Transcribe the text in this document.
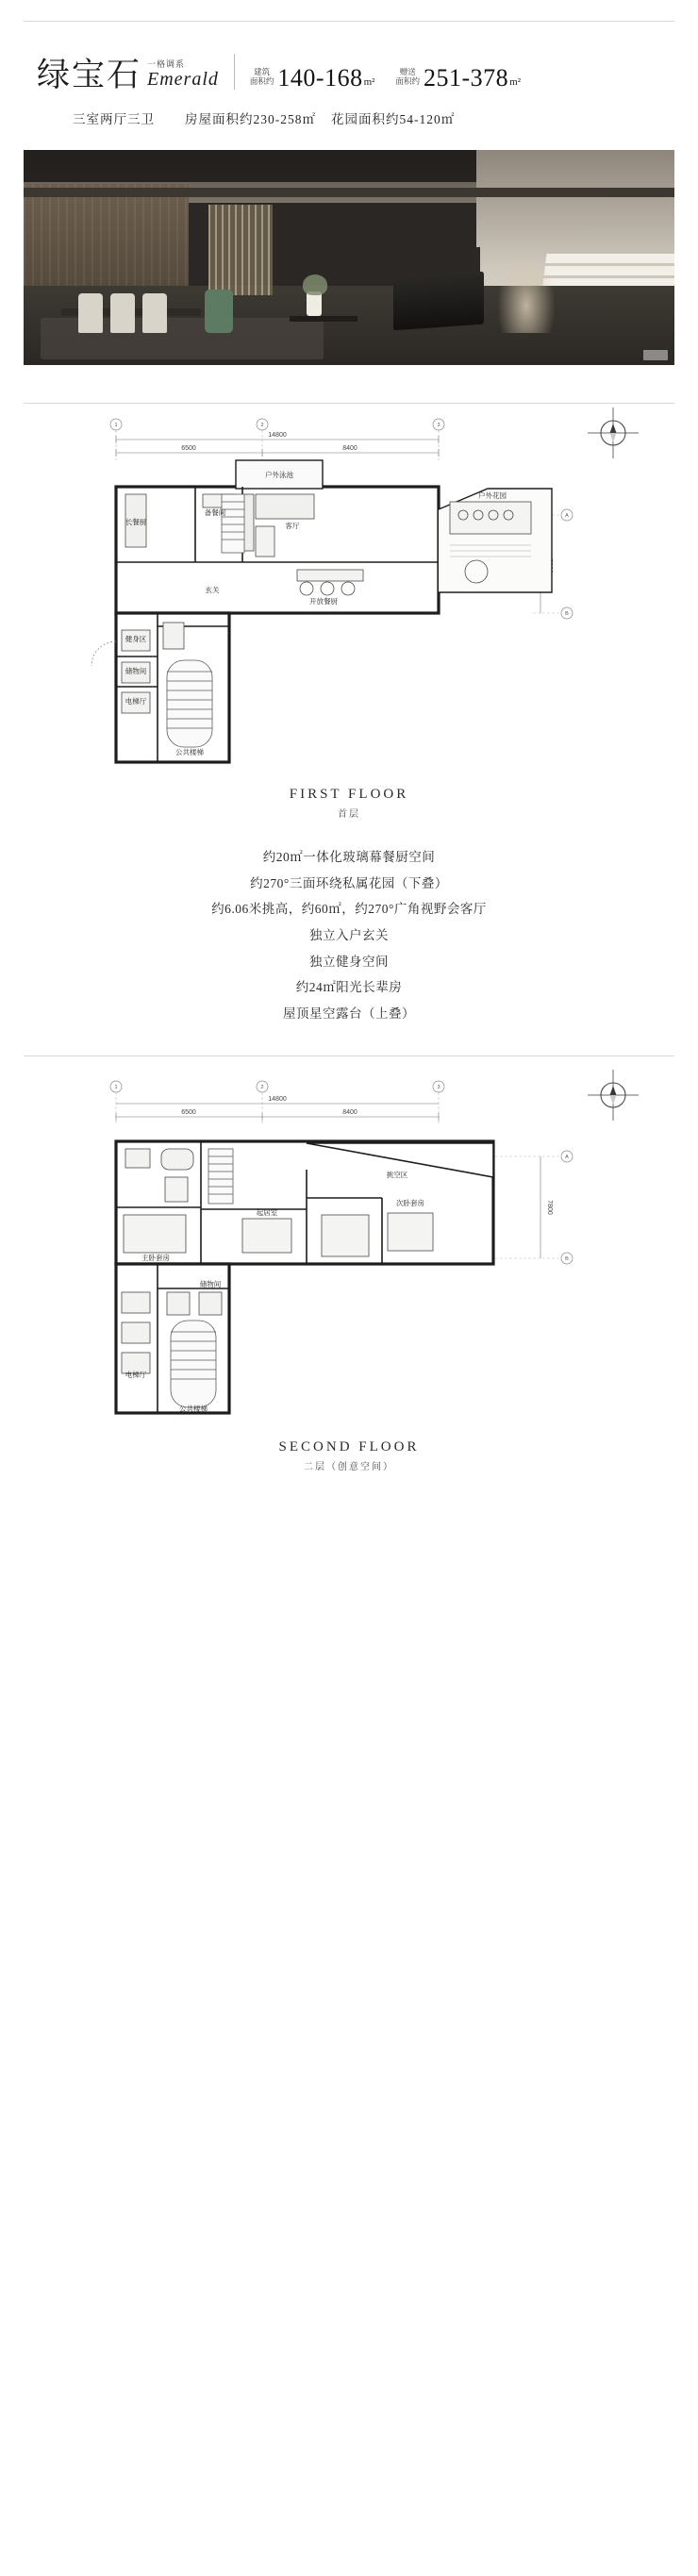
绿宝石 一格调系
Emerald	建筑
面积约 140-168 m²
赠送
面积约 251-378 m²
三室两厅三卫 房屋面积约230-258㎡ 花园面积约54-120㎡
1	2	3
6500	8400
14800
A
B
户外泳池
户外花园
长餐厨
备餐间
客厅
玄关
开放餐厨
健身区
储物间
电梯厅
公共楼梯
FIRST FLOOR
首层
约20㎡一体化玻璃幕餐厨空间
约270°三面环绕私属花园（下叠）
约6.06米挑高，约60㎡，约270°广角视野会客厅
独立入户玄关
独立健身空间
约24㎡阳光长辈房
屋顶星空露台（上叠）
1	2	3
6500	8400
14800
A
B
7800
主卧套房
挑空区
起居室
次卧套房
电梯厅
储物间
公共楼梯
SECOND FLOOR
二层（创意空间）
